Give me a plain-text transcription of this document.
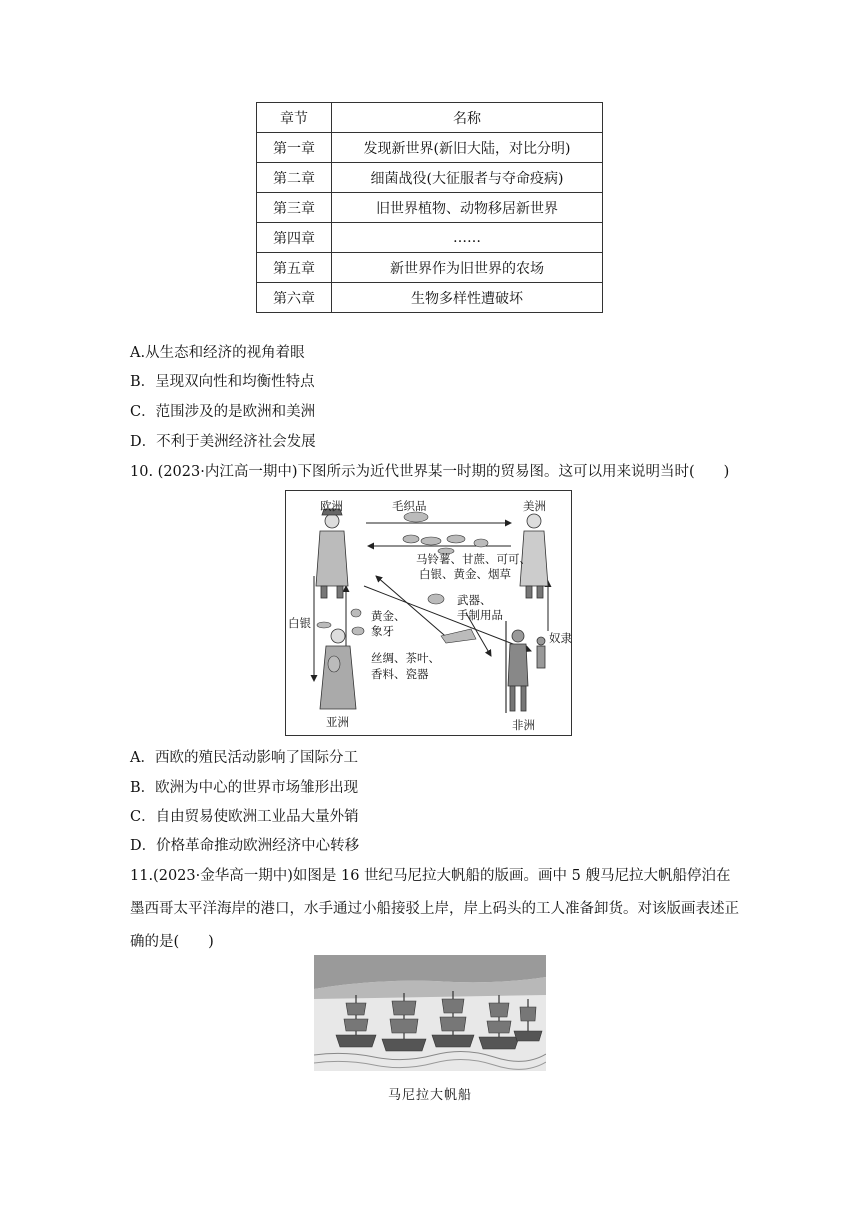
章节	名称
第一章	发现新世界(新旧大陆，对比分明)
第二章	细菌战役(大征服者与夺命疫病)
第三章	旧世界植物、动物移居新世界
第四章	……
第五章	新世界作为旧世界的农场
第六章	生物多样性遭破坏
A.从生态和经济的视角着眼
B．呈现双向性和均衡性特点
C．范围涉及的是欧洲和美洲
D．不利于美洲经济社会发展
10. (2023·内江高一期中)下图所示为近代世界某一时期的贸易图。这可以用来说明当时(　　)
欧洲	美洲
毛织品
马铃薯、甘蔗、可可、
白银、黄金、烟草
武器、
手制用品
黄金、
象牙
白银
奴隶
丝绸、茶叶、
香料、瓷器
亚洲	非洲
A．西欧的殖民活动影响了国际分工
B．欧洲为中心的世界市场雏形出现
C．自由贸易使欧洲工业品大量外销
D．价格革命推动欧洲经济中心转移
11.(2023·金华高一期中)如图是 16 世纪马尼拉大帆船的版画。画中 5 艘马尼拉大帆船停泊在墨西哥太平洋海岸的港口，水手通过小船接驳上岸，岸上码头的工人准备卸货。对该版画表述正确的是(　　)
马尼拉大帆船
